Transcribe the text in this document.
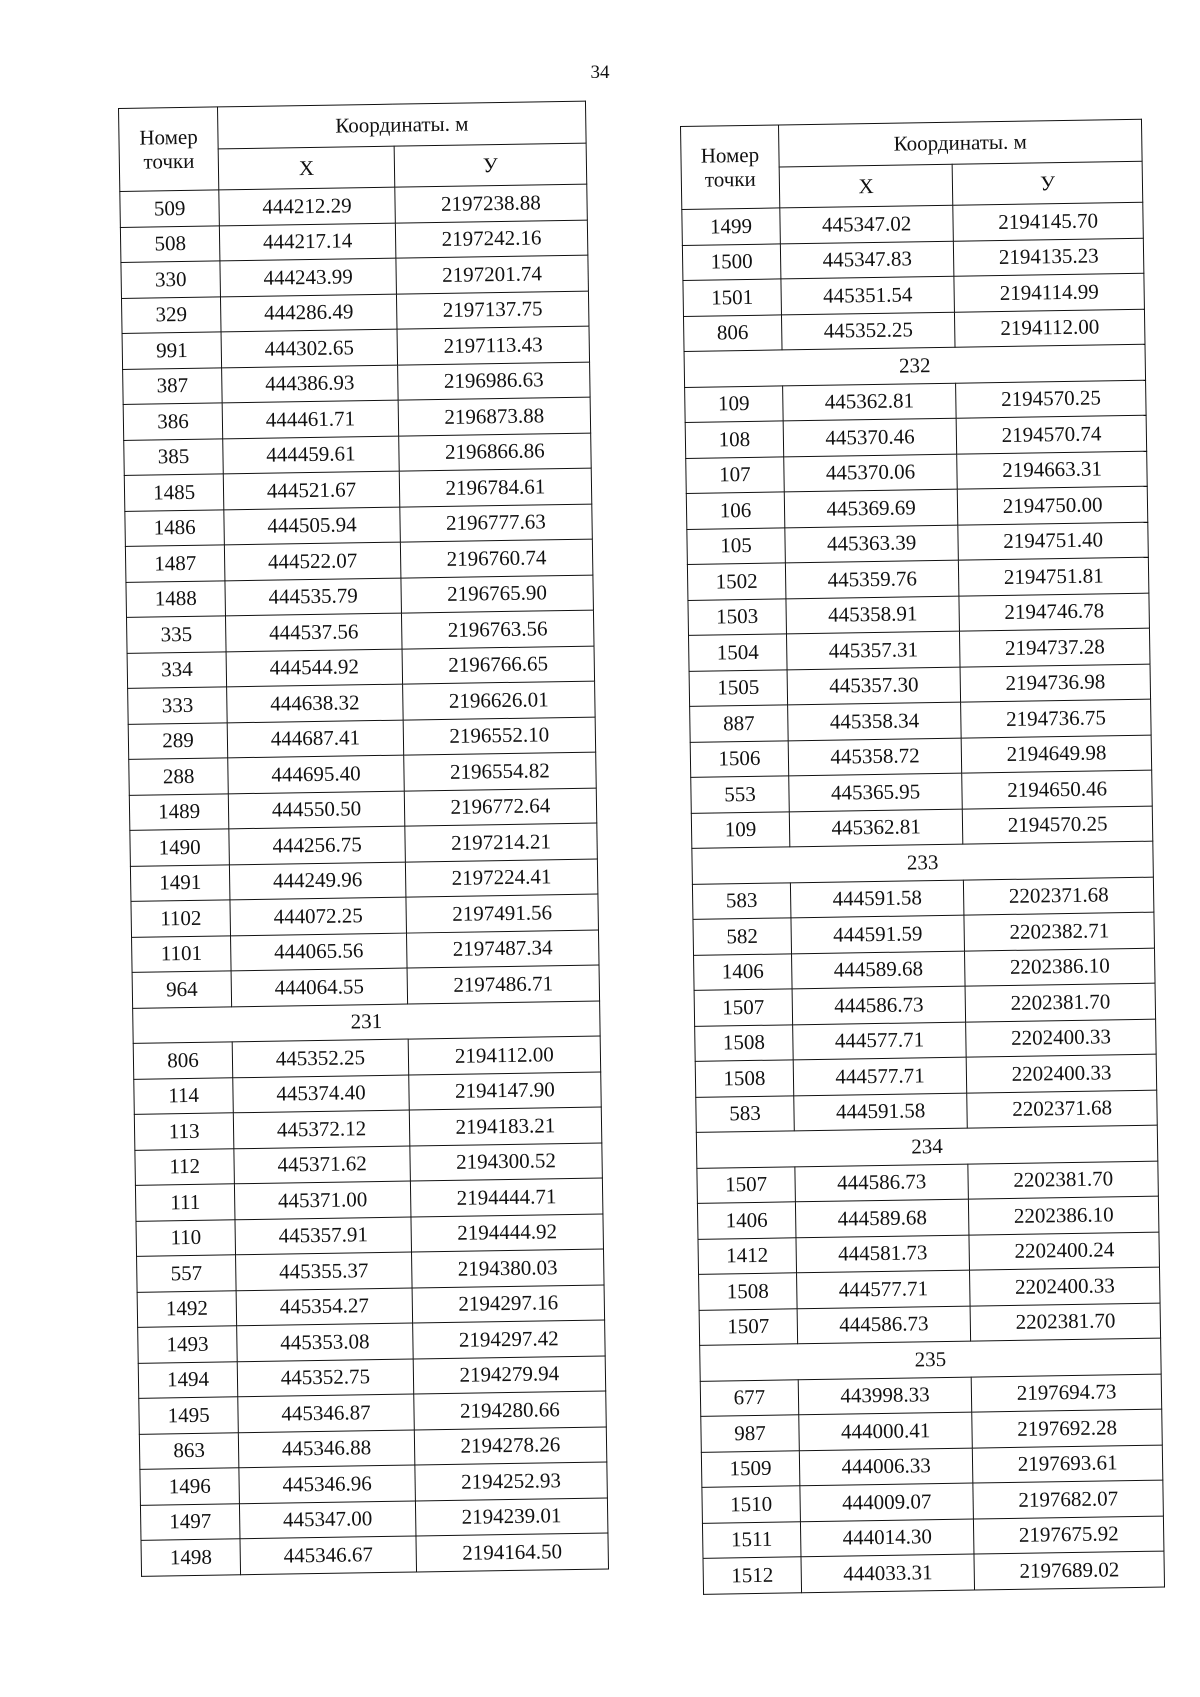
34
Номер
точки	Координаты. м	
	X	У
509	444212.29	2197238.88
508	444217.14	2197242.16
330	444243.99	2197201.74
329	444286.49	2197137.75
991	444302.65	2197113.43
387	444386.93	2196986.63
386	444461.71	2196873.88
385	444459.61	2196866.86
1485	444521.67	2196784.61
1486	444505.94	2196777.63
1487	444522.07	2196760.74
1488	444535.79	2196765.90
335	444537.56	2196763.56
334	444544.92	2196766.65
333	444638.32	2196626.01
289	444687.41	2196552.10
288	444695.40	2196554.82
1489	444550.50	2196772.64
1490	444256.75	2197214.21
1491	444249.96	2197224.41
1102	444072.25	2197491.56
1101	444065.56	2197487.34
964	444064.55	2197486.71
231		
806	445352.25	2194112.00
114	445374.40	2194147.90
113	445372.12	2194183.21
112	445371.62	2194300.52
111	445371.00	2194444.71
110	445357.91	2194444.92
557	445355.37	2194380.03
1492	445354.27	2194297.16
1493	445353.08	2194297.42
1494	445352.75	2194279.94
1495	445346.87	2194280.66
863	445346.88	2194278.26
1496	445346.96	2194252.93
1497	445347.00	2194239.01
1498	445346.67	2194164.50
Номер
точки	Координаты. м	
	X	У
1499	445347.02	2194145.70
1500	445347.83	2194135.23
1501	445351.54	2194114.99
806	445352.25	2194112.00
232		
109	445362.81	2194570.25
108	445370.46	2194570.74
107	445370.06	2194663.31
106	445369.69	2194750.00
105	445363.39	2194751.40
1502	445359.76	2194751.81
1503	445358.91	2194746.78
1504	445357.31	2194737.28
1505	445357.30	2194736.98
887	445358.34	2194736.75
1506	445358.72	2194649.98
553	445365.95	2194650.46
109	445362.81	2194570.25
233		
583	444591.58	2202371.68
582	444591.59	2202382.71
1406	444589.68	2202386.10
1507	444586.73	2202381.70
1508	444577.71	2202400.33
1508	444577.71	2202400.33
583	444591.58	2202371.68
234		
1507	444586.73	2202381.70
1406	444589.68	2202386.10
1412	444581.73	2202400.24
1508	444577.71	2202400.33
1507	444586.73	2202381.70
235		
677	443998.33	2197694.73
987	444000.41	2197692.28
1509	444006.33	2197693.61
1510	444009.07	2197682.07
1511	444014.30	2197675.92
1512	444033.31	2197689.02
